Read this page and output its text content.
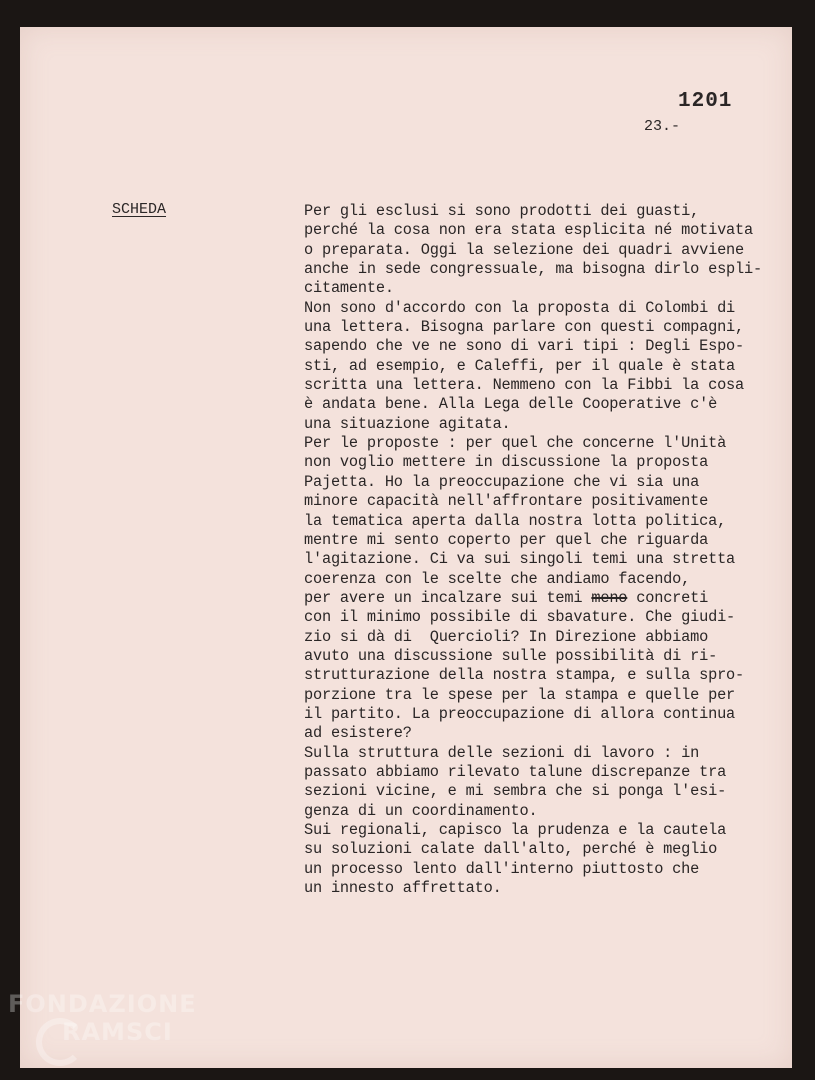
1201
23.-
SCHEDA	Per gli esclusi si sono prodotti dei guasti,
perché la cosa non era stata esplicita né motivata
o preparata. Oggi la selezione dei quadri avviene
anche in sede congressuale, ma bisogna dirlo espli-
citamente.
Non sono d'accordo con la proposta di Colombi di
una lettera. Bisogna parlare con questi compagni,
sapendo che ve ne sono di vari tipi : Degli Espo-
sti, ad esempio, e Caleffi, per il quale è stata
scritta una lettera. Nemmeno con la Fibbi la cosa
è andata bene. Alla Lega delle Cooperative c'è
una situazione agitata.
Per le proposte : per quel che concerne l'Unità
non voglio mettere in discussione la proposta
Pajetta. Ho la preoccupazione che vi sia una
minore capacità nell'affrontare positivamente
la tematica aperta dalla nostra lotta politica,
mentre mi sento coperto per quel che riguarda
l'agitazione. Ci va sui singoli temi una stretta
coerenza con le scelte che andiamo facendo,
per avere un incalzare sui temi meno concreti
con il minimo possibile di sbavature. Che giudi-
zio si dà di  Quercioli? In Direzione abbiamo
avuto una discussione sulle possibilità di ri-
strutturazione della nostra stampa, e sulla spro-
porzione tra le spese per la stampa e quelle per
il partito. La preoccupazione di allora continua
ad esistere?
Sulla struttura delle sezioni di lavoro : in
passato abbiamo rilevato talune discrepanze tra
sezioni vicine, e mi sembra che si ponga l'esi-
genza di un coordinamento.
Sui regionali, capisco la prudenza e la cautela
su soluzioni calate dall'alto, perché è meglio
un processo lento dall'interno piuttosto che
un innesto affrettato.
FONDAZIONE
RAMSCI
